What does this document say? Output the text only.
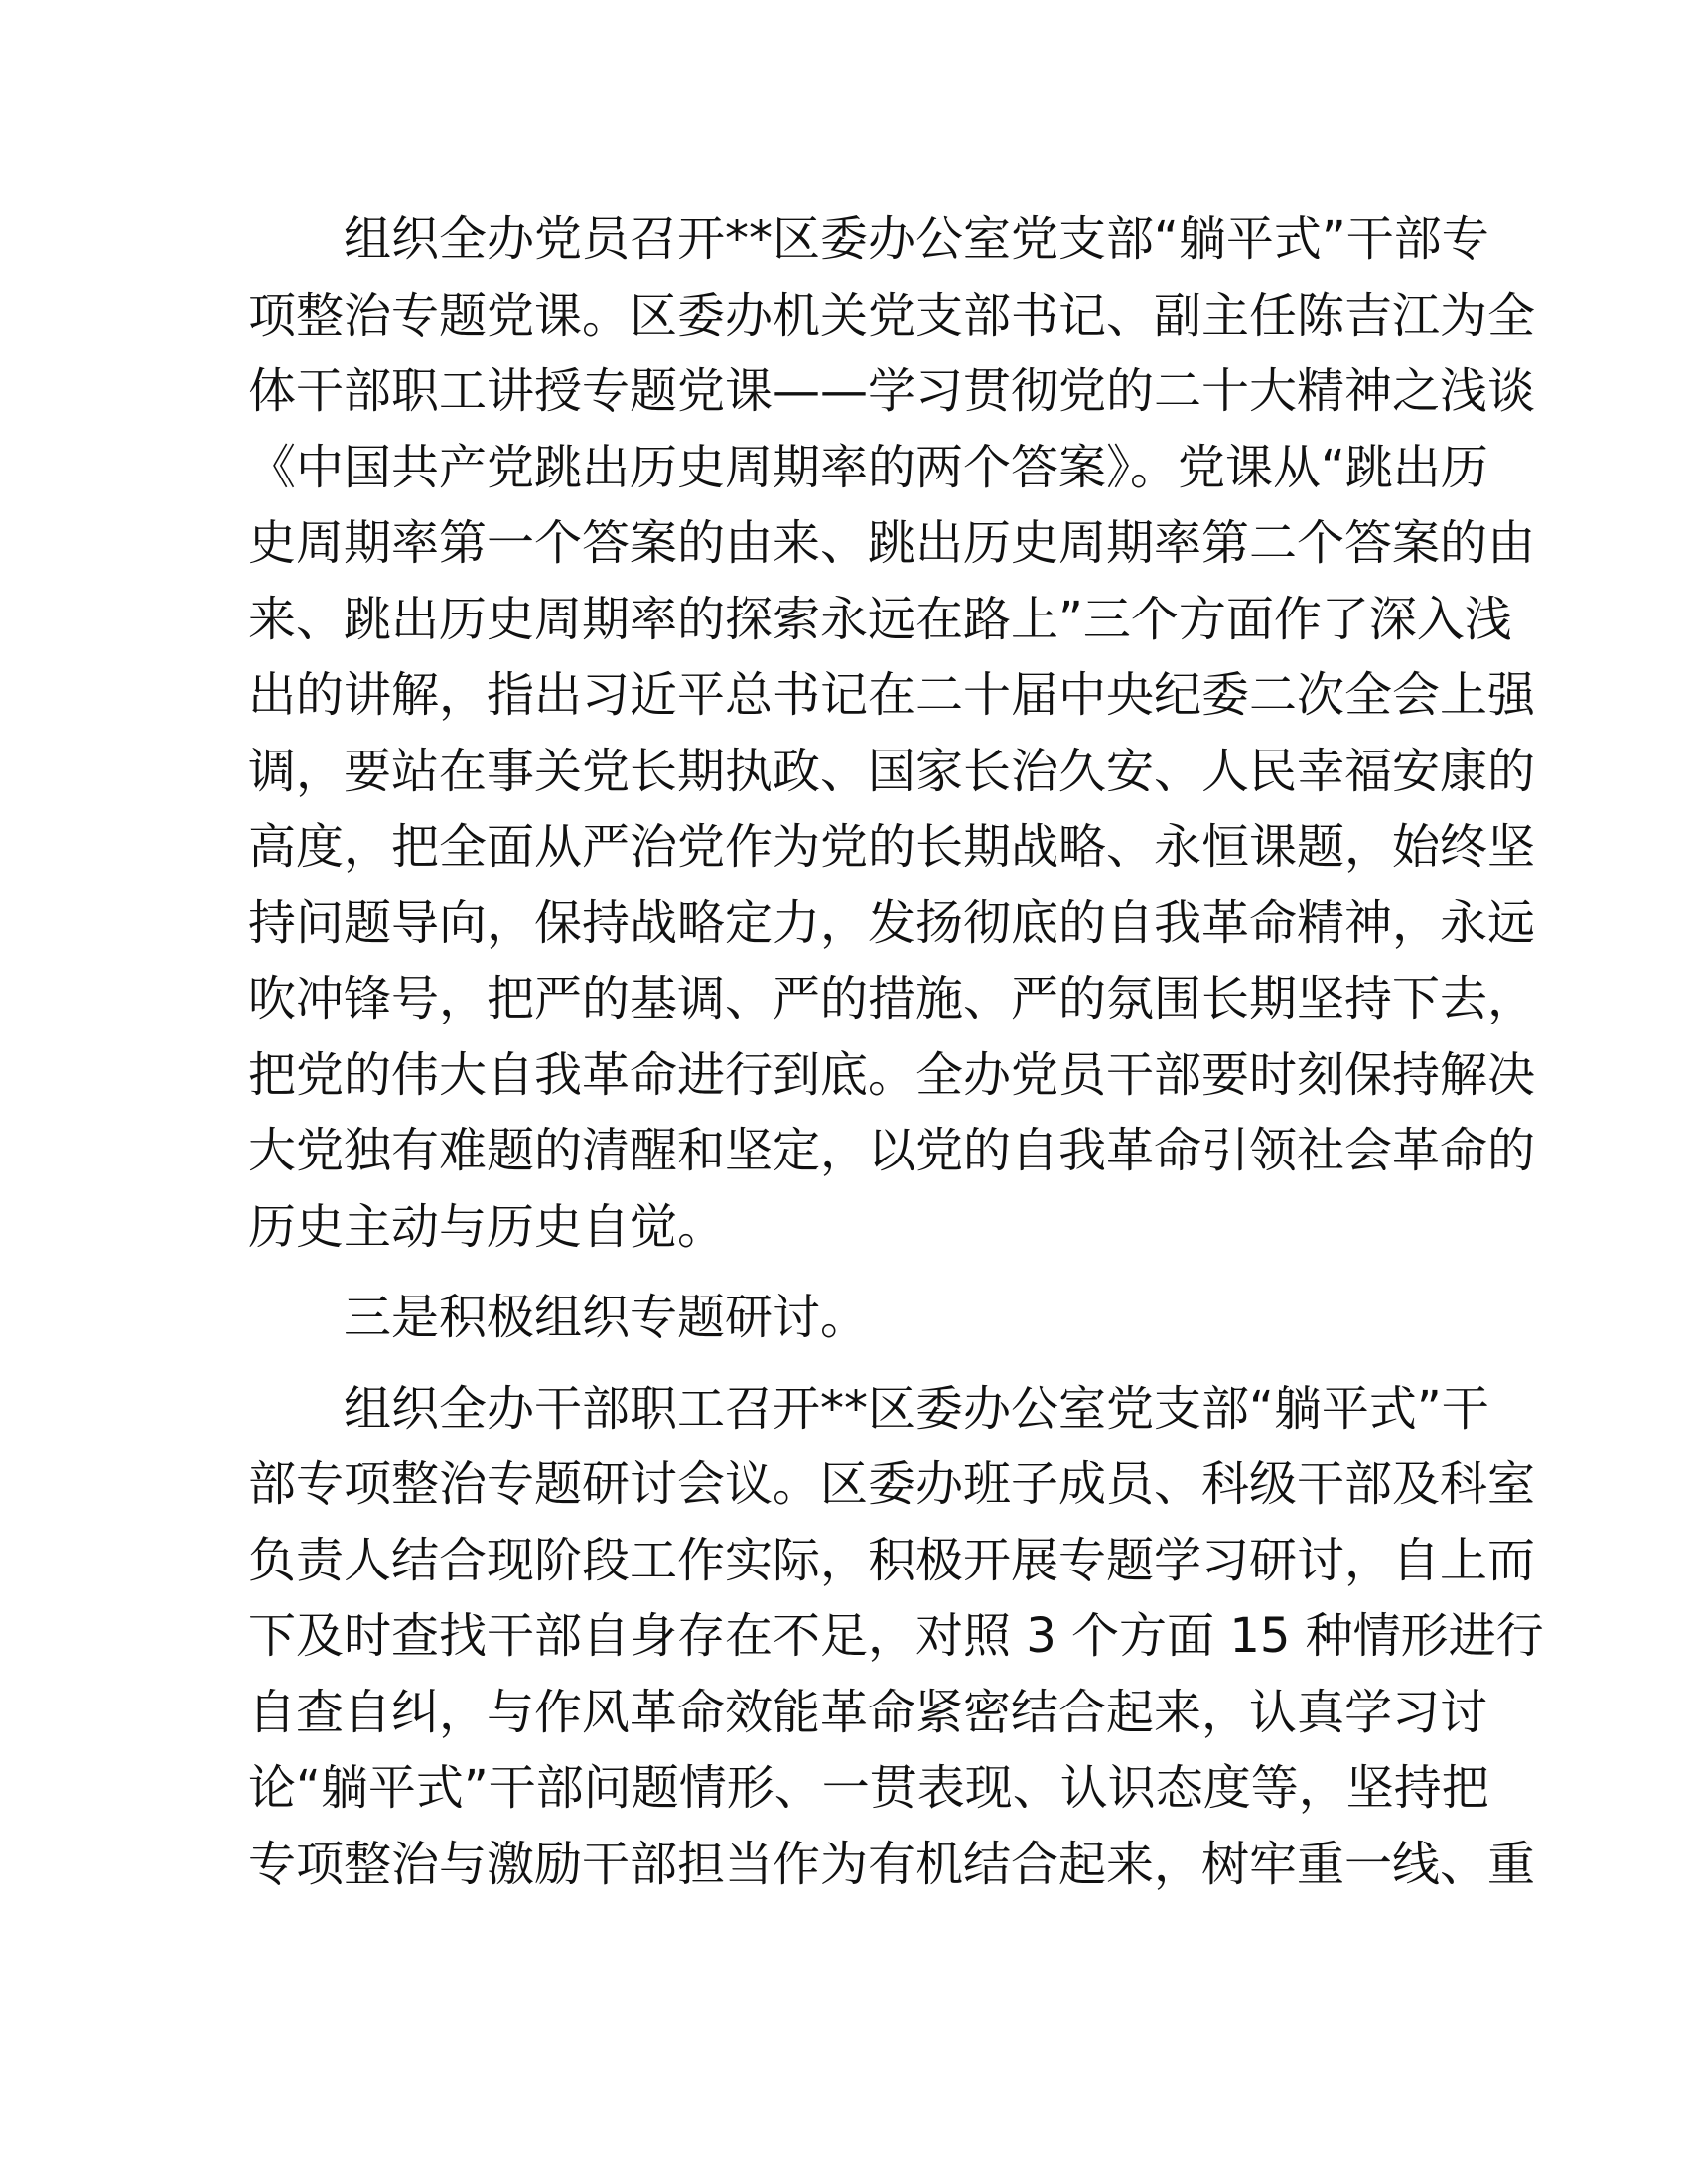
组织全办党员召开**区委办公室党支部“躺平式”干部专
项整治专题党课。区委办机关党支部书记、副主任陈吉江为全
体干部职工讲授专题党课——学习贯彻党的二十大精神之浅谈
《中国共产党跳出历史周期率的两个答案》。党课从“跳出历
史周期率第一个答案的由来、跳出历史周期率第二个答案的由
来、跳出历史周期率的探索永远在路上”三个方面作了深入浅
出的讲解，指出习近平总书记在二十届中央纪委二次全会上强
调，要站在事关党长期执政、国家长治久安、人民幸福安康的
高度，把全面从严治党作为党的长期战略、永恒课题，始终坚
持问题导向，保持战略定力，发扬彻底的自我革命精神，永远
吹冲锋号，把严的基调、严的措施、严的氛围长期坚持下去，
把党的伟大自我革命进行到底。全办党员干部要时刻保持解决
大党独有难题的清醒和坚定，以党的自我革命引领社会革命的
历史主动与历史自觉。
三是积极组织专题研讨。
组织全办干部职工召开**区委办公室党支部“躺平式”干
部专项整治专题研讨会议。区委办班子成员、科级干部及科室
负责人结合现阶段工作实际，积极开展专题学习研讨，自上而
下及时查找干部自身存在不足，对照 3 个方面 15 种情形进行
自查自纠，与作风革命效能革命紧密结合起来，认真学习讨
论“躺平式”干部问题情形、一贯表现、认识态度等，坚持把
专项整治与激励干部担当作为有机结合起来，树牢重一线、重
